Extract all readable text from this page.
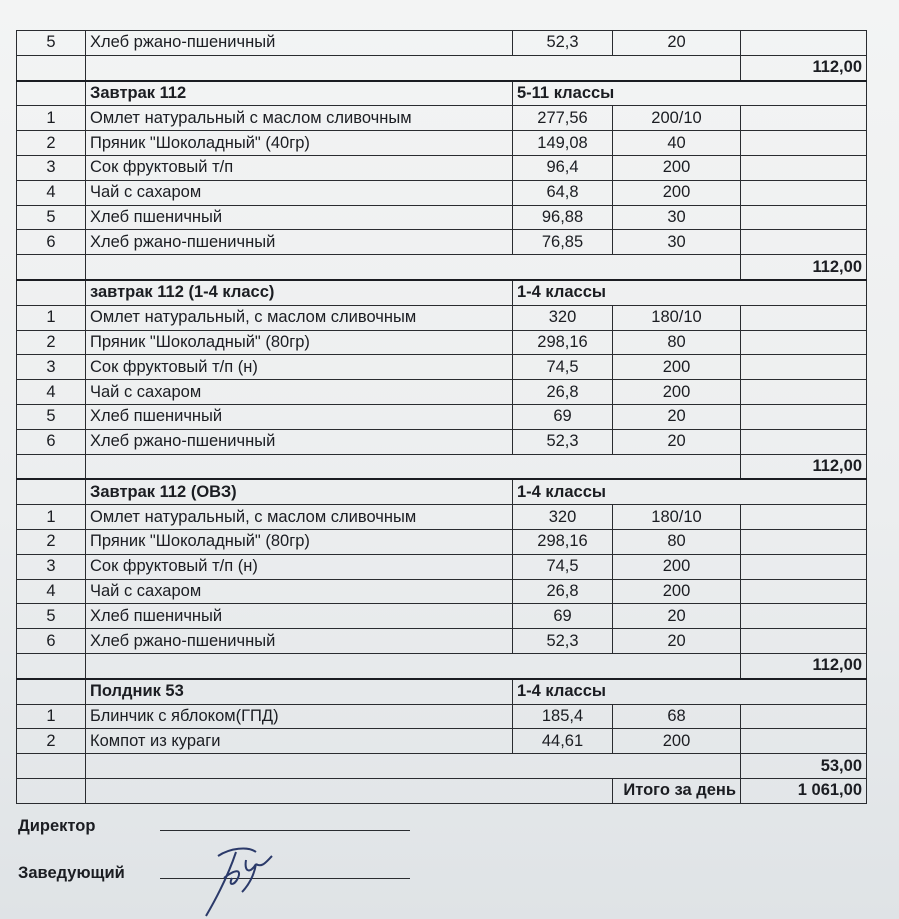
5	Хлеб ржано-пшеничный	52,3	20	
				112,00
	Завтрак 112	5-11 классы		
1	Омлет натуральный с маслом сливочным	277,56	200/10	
2	Пряник "Шоколадный" (40гр)	149,08	40	
3	Сок фруктовый т/п	96,4	200	
4	Чай с сахаром	64,8	200	
5	Хлеб пшеничный	96,88	30	
6	Хлеб ржано-пшеничный	76,85	30	
				112,00
	завтрак 112 (1-4 класс)	1-4 классы		
1	Омлет натуральный, с маслом сливочным	320	180/10	
2	Пряник "Шоколадный" (80гр)	298,16	80	
3	Сок фруктовый т/п (н)	74,5	200	
4	Чай с сахаром	26,8	200	
5	Хлеб пшеничный	69	20	
6	Хлеб ржано-пшеничный	52,3	20	
				112,00
	Завтрак 112 (ОВЗ)	1-4 классы		
1	Омлет натуральный, с маслом сливочным	320	180/10	
2	Пряник "Шоколадный" (80гр)	298,16	80	
3	Сок фруктовый т/п (н)	74,5	200	
4	Чай с сахаром	26,8	200	
5	Хлеб пшеничный	69	20	
6	Хлеб ржано-пшеничный	52,3	20	
				112,00
	Полдник 53	1-4 классы		
1	Блинчик с яблоком(ГПД)	185,4	68	
2	Компот из кураги	44,61	200	
				53,00
			Итого за день	1 061,00
Директор
Заведующий
